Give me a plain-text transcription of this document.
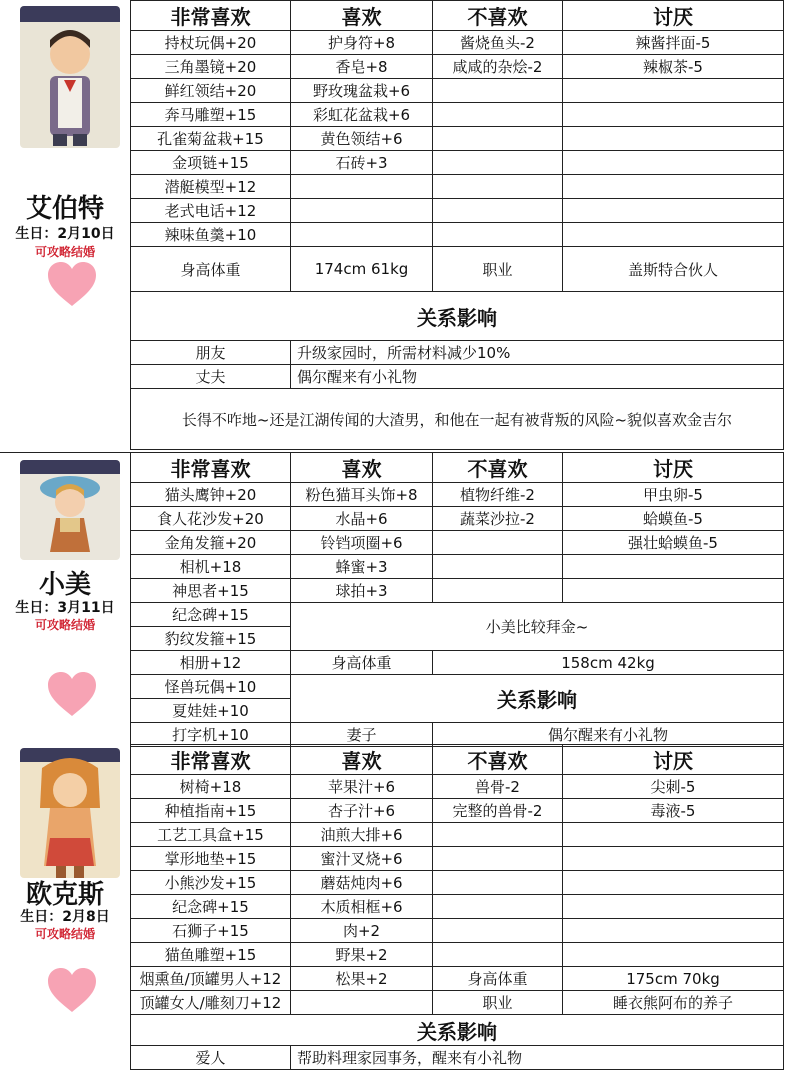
艾伯特
生日：2月10日
可攻略结婚
非常喜欢	喜欢	不喜欢	讨厌
持杖玩偶+20	护身符+8	酱烧鱼头-2	辣酱拌面-5
三角墨镜+20	香皂+8	咸咸的杂烩-2	辣椒茶-5
鲜红领结+20	野玫瑰盆栽+6		
奔马雕塑+15	彩虹花盆栽+6		
孔雀菊盆栽+15	黄色领结+6		
金项链+15	石砖+3		
潜艇模型+12			
老式电话+12			
辣味鱼羹+10			
身高体重	174cm 61kg	职业	盖斯特合伙人
关系影响			
朋友	升级家园时，所需材料减少10%		
丈夫	偶尔醒来有小礼物		
长得不咋地~还是江湖传闻的大渣男，和他在一起有被背叛的风险~貌似喜欢金吉尔			
小美
生日：3月11日
可攻略结婚
非常喜欢	喜欢	不喜欢	讨厌
猫头鹰钟+20	粉色猫耳头饰+8	植物纤维-2	甲虫卵-5
食人花沙发+20	水晶+6	蔬菜沙拉-2	蛤蟆鱼-5
金角发箍+20	铃铛项圈+6		强壮蛤蟆鱼-5
相机+18	蜂蜜+3		
神思者+15	球拍+3		
纪念碑+15	小美比较拜金~		
豹纹发箍+15			
相册+12	身高体重	158cm 42kg	
怪兽玩偶+10	关系影响		
夏娃娃+10			
打字机+10	妻子	偶尔醒来有小礼物	
欧克斯
生日：2月8日
可攻略结婚
非常喜欢	喜欢	不喜欢	讨厌
树椅+18	苹果汁+6	兽骨-2	尖刺-5
种植指南+15	杏子汁+6	完整的兽骨-2	毒液-5
工艺工具盒+15	油煎大排+6		
掌形地垫+15	蜜汁叉烧+6		
小熊沙发+15	蘑菇炖肉+6		
纪念碑+15	木质相框+6		
石狮子+15	肉+2		
猫鱼雕塑+15	野果+2		
烟熏鱼/顶罐男人+12	松果+2	身高体重	175cm 70kg
顶罐女人/雕刻刀+12		职业	睡衣熊阿布的养子
关系影响			
爱人	帮助料理家园事务，醒来有小礼物		
